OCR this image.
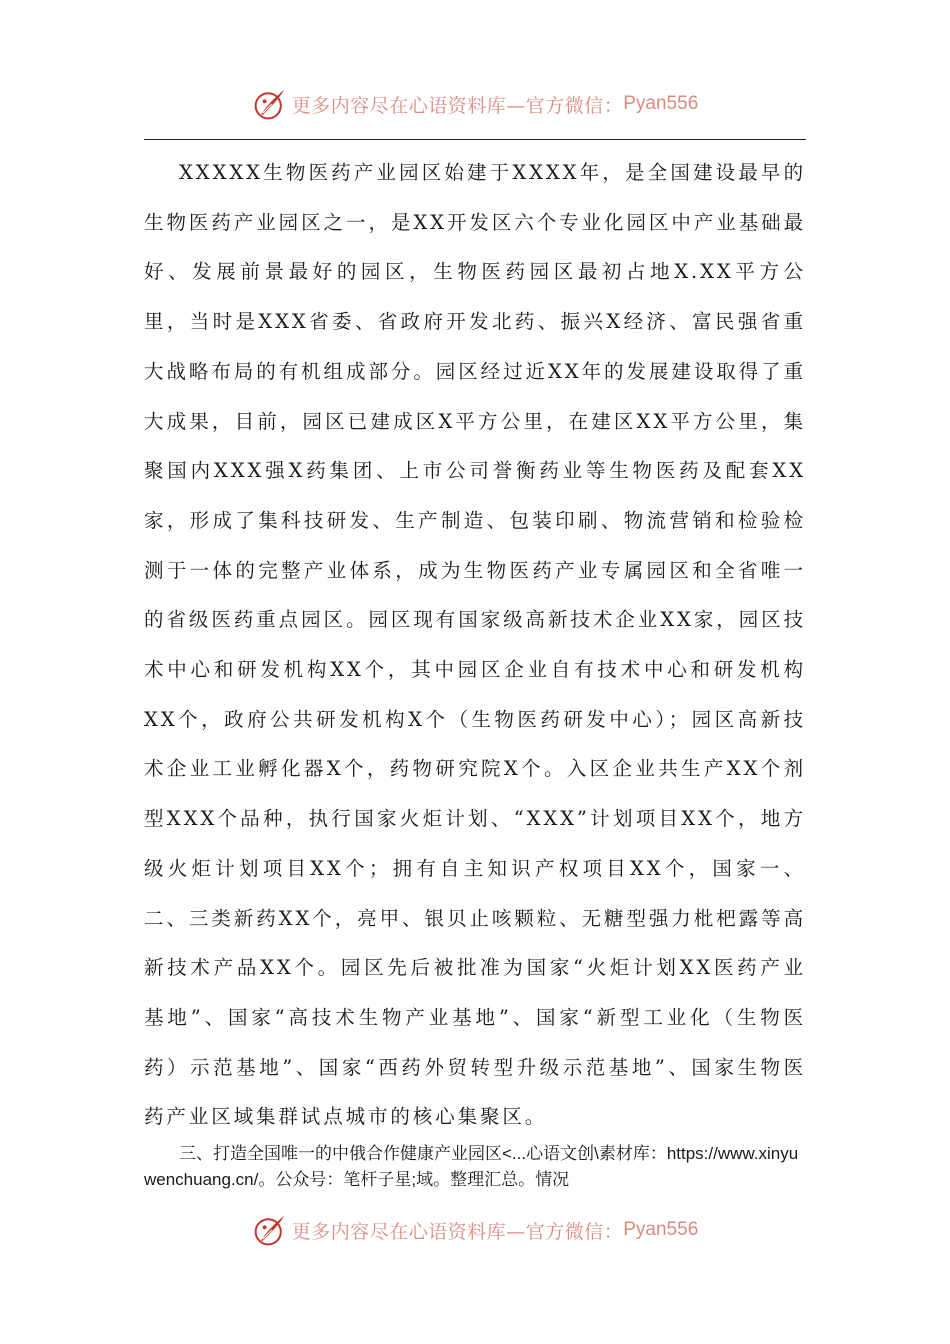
更多内容尽在心语资料库—官方微信： Pyan556

XXXXX生物医药产业园区始建于XXXX年，是全国建设最早的生物医药产业园区之一，是XX开发区六个专业化园区中产业基础最好、发展前景最好的园区，生物医药园区最初占地X.XX平方公里，当时是XXX省委、省政府开发北药、振兴X经济、富民强省重大战略布局的有机组成部分。园区经过近XX年的发展建设取得了重大成果，目前，园区已建成区X平方公里，在建区XX平方公里，集聚国内XXX强X药集团、上市公司誉衡药业等生物医药及配套XX家，形成了集科技研发、生产制造、包装印刷、物流营销和检验检测于一体的完整产业体系，成为生物医药产业专属园区和全省唯一的省级医药重点园区。园区现有国家级高新技术企业XX家，园区技术中心和研发机构XX个，其中园区企业自有技术中心和研发机构XX个，政府公共研发机构X个（生物医药研发中心）；园区高新技术企业工业孵化器X个，药物研究院X个。入区企业共生产XX个剂型XXX个品种，执行国家火炬计划、“XXX”计划项目XX个，地方级火炬计划项目XX个；拥有自主知识产权项目XX个，国家一、二、三类新药XX个，亮甲、银贝止咳颗粒、无糖型强力枇杷露等高新技术产品XX个。园区先后被批准为国家“火炬计划XX医药产业基地”、国家“高技术生物产业基地”、国家“新型工业化（生物医药）示范基地”、国家“西药外贸转型升级示范基地”、国家生物医药产业区域集群试点城市的核心集聚区。

三、打造全国唯一的中俄合作健康产业园区<...心语文创\素材库：https://www.xinyuwenchuang.cn/。公众号：笔杆子星;域。整理汇总。情况

更多内容尽在心语资料库—官方微信： Pyan556
